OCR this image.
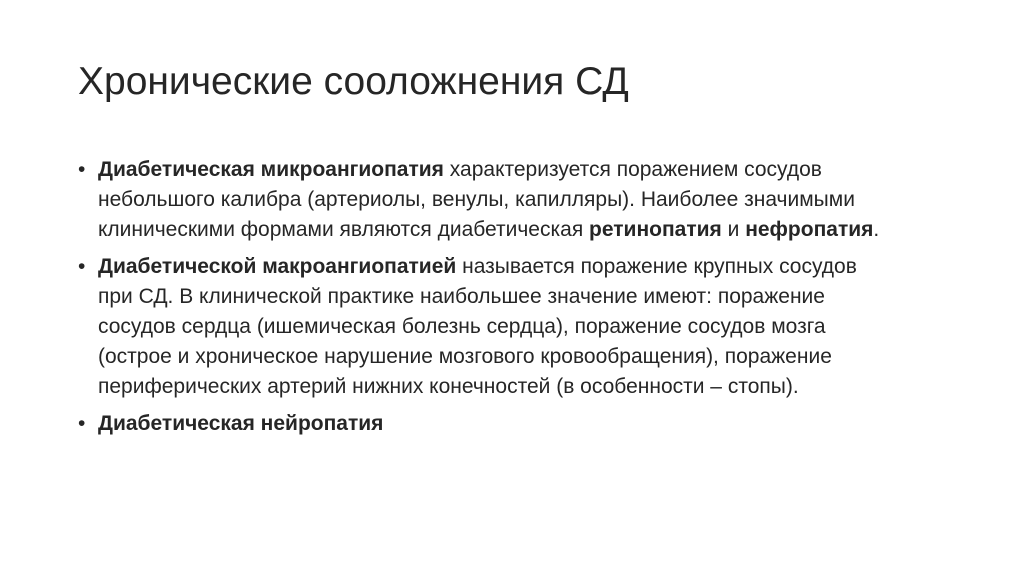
Хронические сооложнения СД
• Диабетическая микроангиопатия характеризуется поражением сосудов небольшого калибра (артериолы, венулы, капилляры). Наиболее значимыми клиническими формами являются диабетическая ретинопатия и нефропатия.
• Диабетической макроангиопатией называется поражение крупных сосудов при СД. В клинической практике наибольшее значение имеют: поражение сосудов сердца (ишемическая болезнь сердца), поражение сосудов мозга (острое и хроническое нарушение мозгового кровообращения), поражение периферических артерий нижних конечностей (в особенности – стопы).
• Диабетическая нейропатия
